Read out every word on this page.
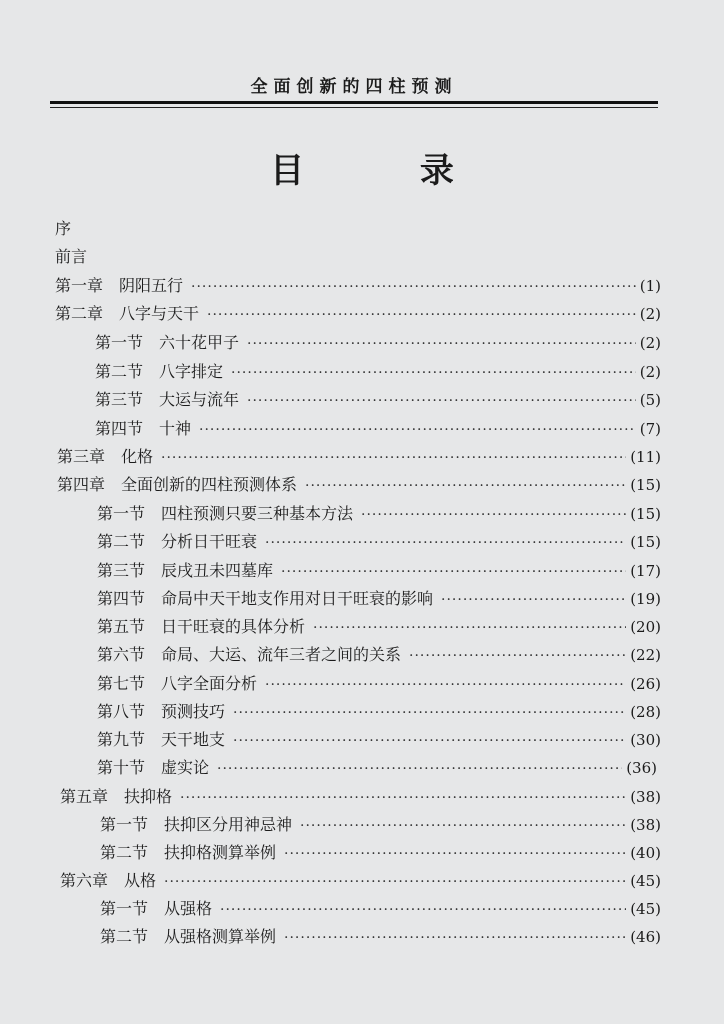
全面创新的四柱预测
目 录
序
前言
第一章　阴阳五行 ·····	(1)
第二章　八字与天干 ·····	(2)
第一节　六十花甲子 ·····	(2)
第二节　八字排定 ·····	(2)
第三节　大运与流年 ·····	(5)
第四节　十神 ·····	(7)
第三章　化格 ·····	(11)
第四章　全面创新的四柱预测体系 ·····	(15)
第一节　四柱预测只要三种基本方法 ·····	(15)
第二节　分析日干旺衰 ·····	(15)
第三节　辰戌丑未四墓库 ·····	(17)
第四节　命局中天干地支作用对日干旺衰的影响 ·····	(19)
第五节　日干旺衰的具体分析 ·····	(20)
第六节　命局、大运、流年三者之间的关系 ·····	(22)
第七节　八字全面分析 ·····	(26)
第八节　预测技巧 ·····	(28)
第九节　天干地支 ·····	(30)
第十节　虚实论 ·····	(36)
第五章　扶抑格 ·····	(38)
第一节　扶抑区分用神忌神 ·····	(38)
第二节　扶抑格测算举例 ·····	(40)
第六章　从格 ·····	(45)
第一节　从强格 ·····	(45)
第二节　从强格测算举例 ·····	(46)
